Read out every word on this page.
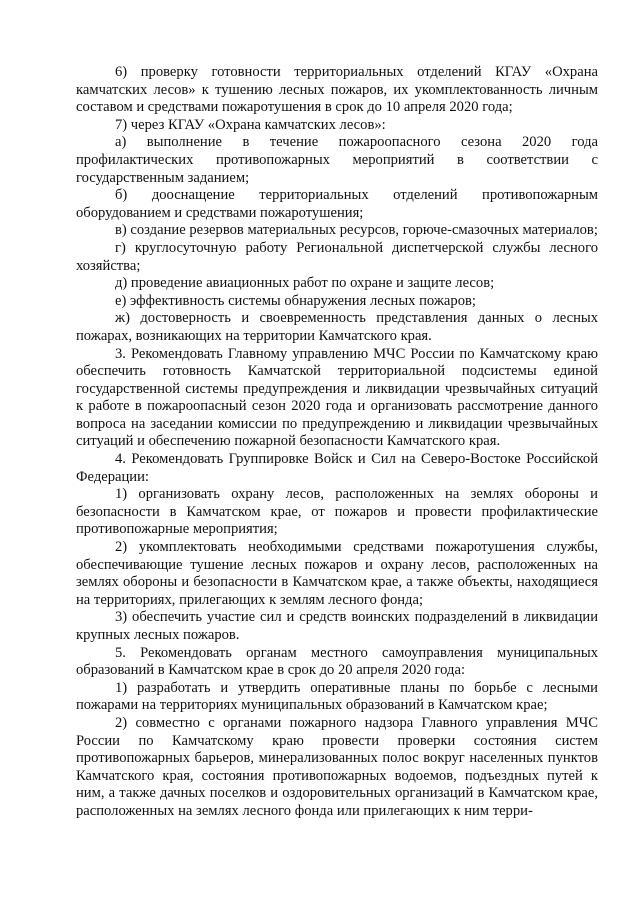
6) проверку готовности территориальных отделений КГАУ «Охрана камчатских лесов» к тушению лесных пожаров, их укомплектованность личным составом и средствами пожаротушения в срок до 10 апреля 2020 года;

7) через КГАУ «Охрана камчатских лесов»:

а) выполнение в течение пожароопасного сезона 2020 года профилактических противопожарных мероприятий в соответствии с государственным заданием;

б) дооснащение территориальных отделений противопожарным оборудованием и средствами пожаротушения;

в) создание резервов материальных ресурсов, горюче-смазочных материалов;

г) круглосуточную работу Региональной диспетчерской службы лесного хозяйства;

д) проведение авиационных работ по охране и защите лесов;

е) эффективность системы обнаружения лесных пожаров;

ж) достоверность и своевременность представления данных о лесных пожарах, возникающих на территории Камчатского края.

3. Рекомендовать Главному управлению МЧС России по Камчатскому краю обеспечить готовность Камчатской территориальной подсистемы единой государственной системы предупреждения и ликвидации чрезвычайных ситуаций к работе в пожароопасный сезон 2020 года и организовать рассмотрение данного вопроса на заседании комиссии по предупреждению и ликвидации чрезвычайных ситуаций и обеспечению пожарной безопасности Камчатского края.

4. Рекомендовать Группировке Войск и Сил на Северо-Востоке Российской Федерации:

1) организовать охрану лесов, расположенных на землях обороны и безопасности в Камчатском крае, от пожаров и провести профилактические противопожарные мероприятия;

2) укомплектовать необходимыми средствами пожаротушения службы, обеспечивающие тушение лесных пожаров и охрану лесов, расположенных на землях обороны и безопасности в Камчатском крае, а также объекты, находящиеся на территориях, прилегающих к землям лесного фонда;

3) обеспечить участие сил и средств воинских подразделений в ликвидации крупных лесных пожаров.

5. Рекомендовать органам местного самоуправления муниципальных образований в Камчатском крае в срок до 20 апреля 2020 года:

1) разработать и утвердить оперативные планы по борьбе с лесными пожарами на территориях муниципальных образований в Камчатском крае;

2) совместно с органами пожарного надзора Главного управления МЧС России по Камчатскому краю провести проверки состояния систем противопожарных барьеров, минерализованных полос вокруг населенных пунктов Камчатского края, состояния противопожарных водоемов, подъездных путей к ним, а также дачных поселков и оздоровительных организаций в Камчатском крае, расположенных на землях лесного фонда или прилегающих к ним терри-
